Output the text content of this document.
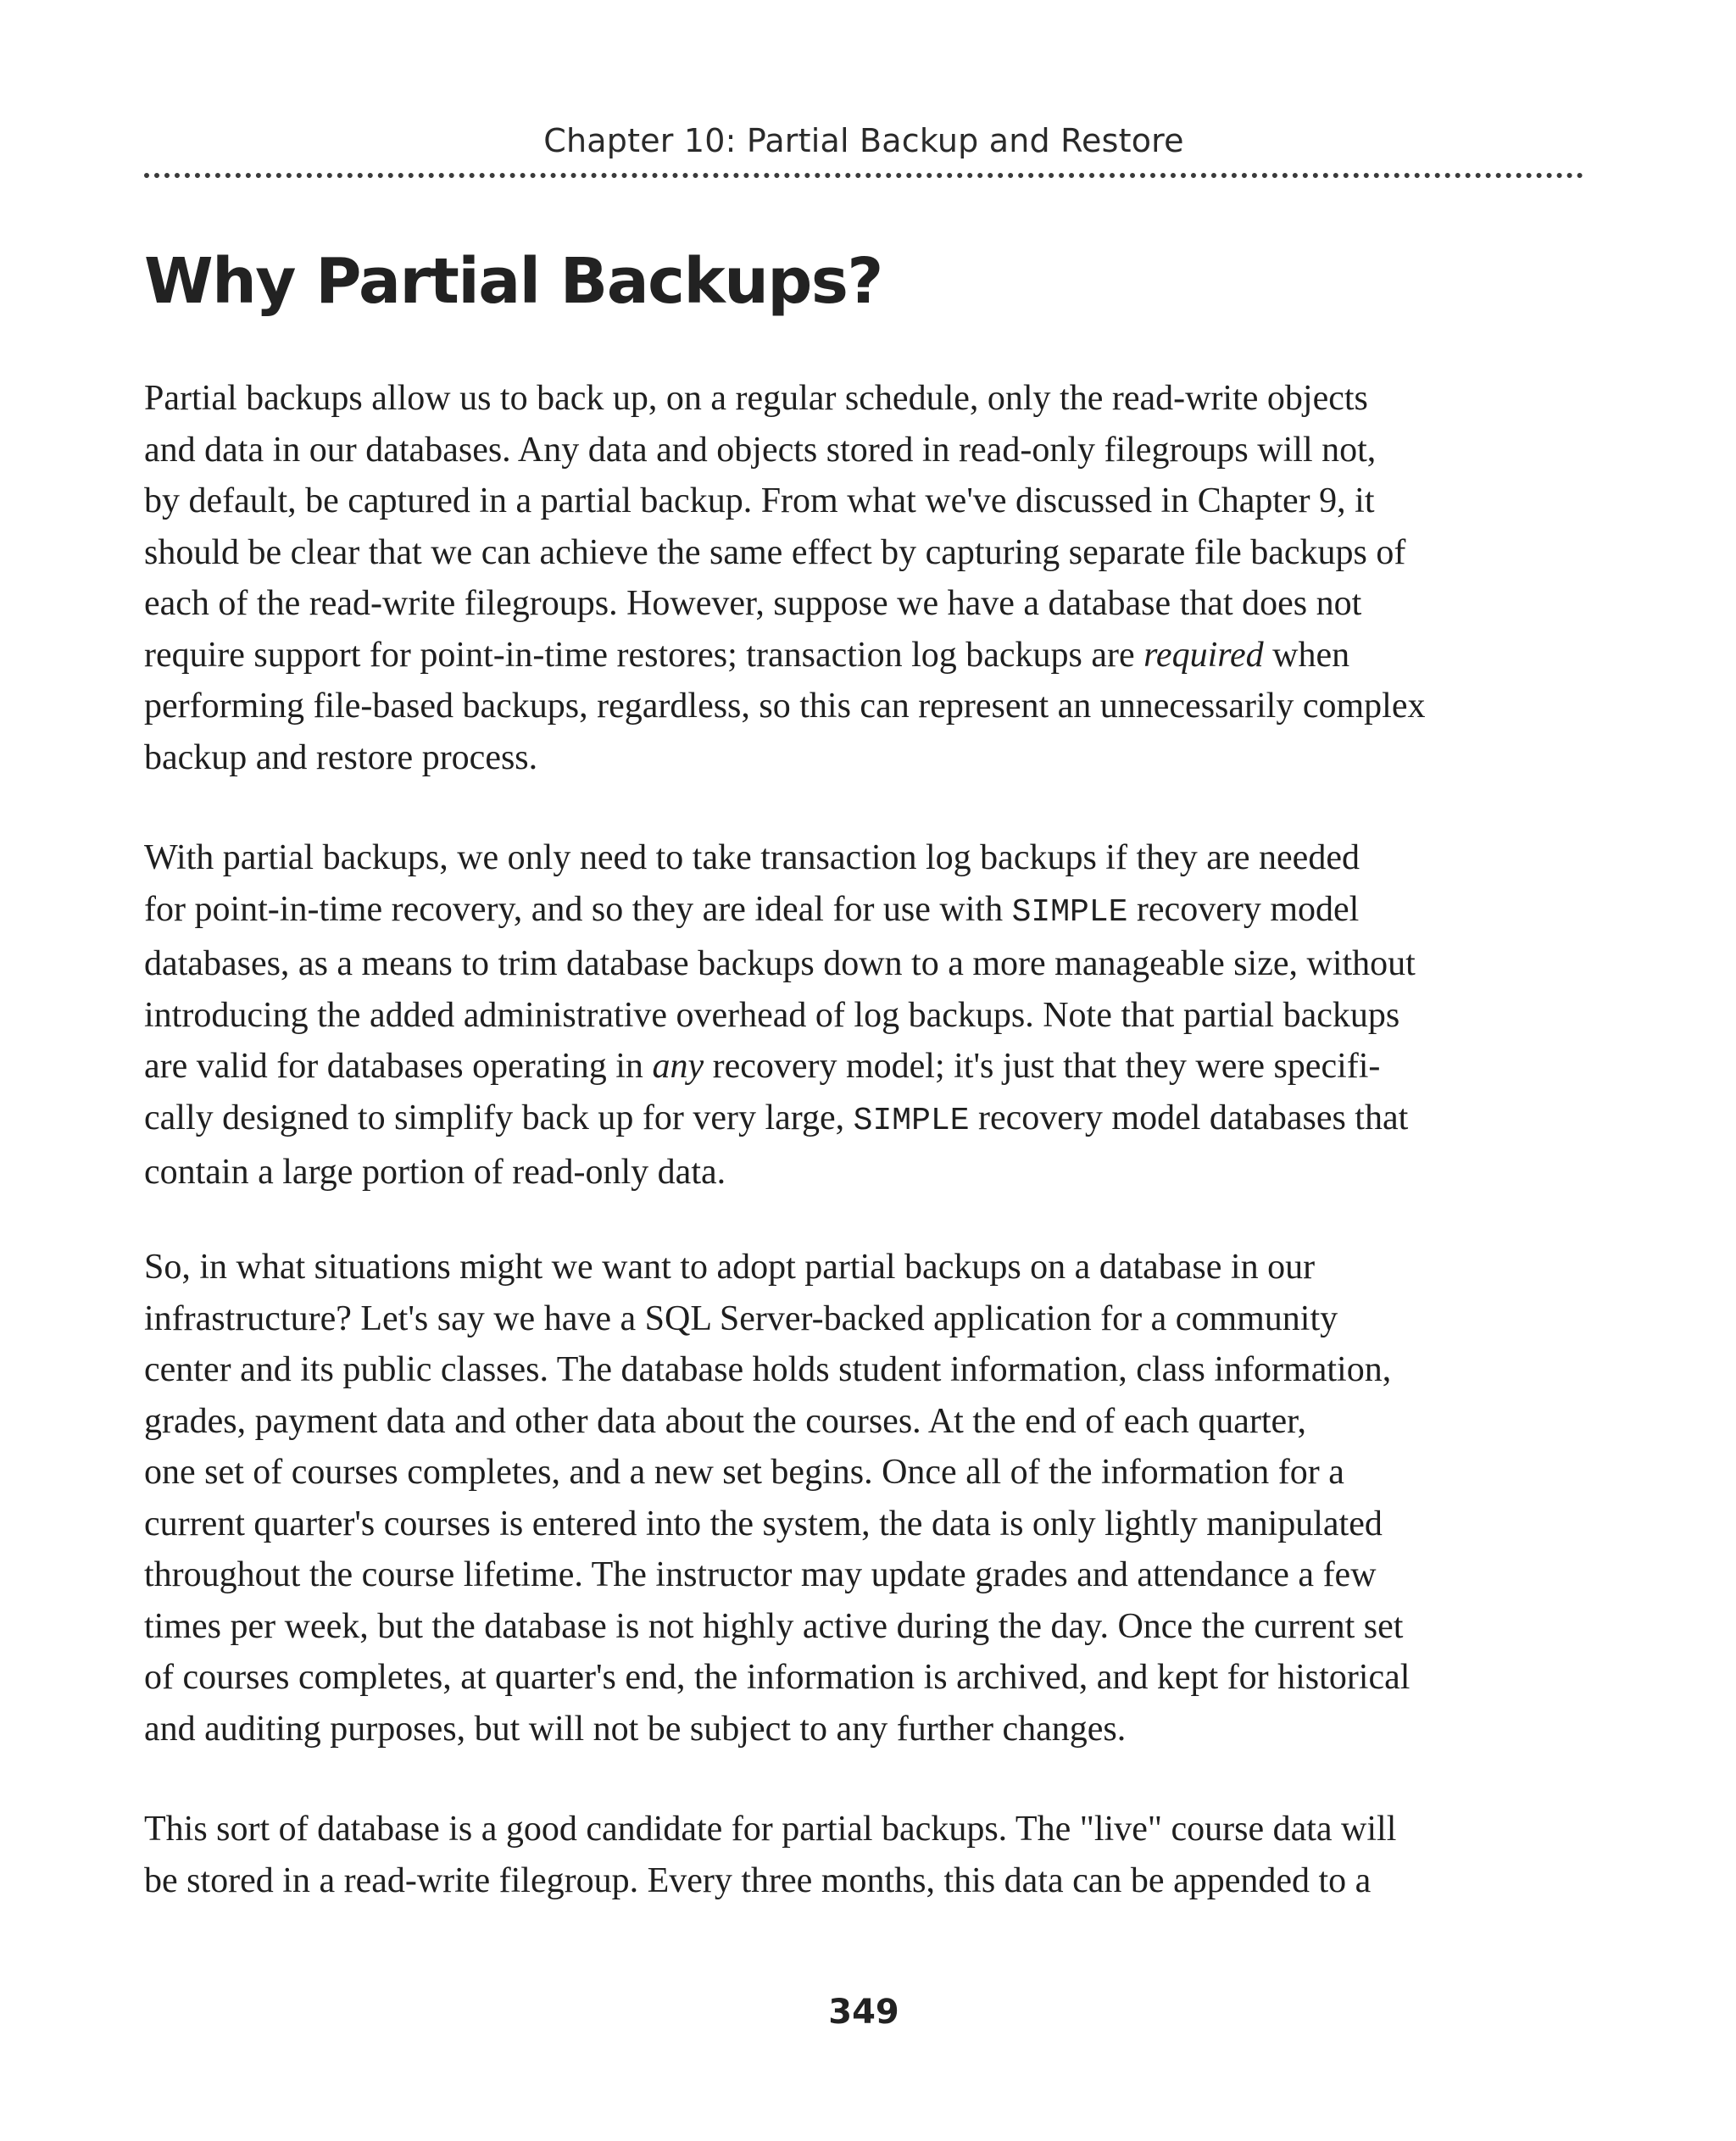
Chapter 10: Partial Backup and Restore
Why Partial Backups?

Partial backups allow us to back up, on a regular schedule, only the read-write objects
and data in our databases. Any data and objects stored in read-only filegroups will not,
by default, be captured in a partial backup. From what we've discussed in Chapter 9, it
should be clear that we can achieve the same effect by capturing separate file backups of
each of the read-write filegroups. However, suppose we have a database that does not
require support for point-in-time restores; transaction log backups are required when
performing file-based backups, regardless, so this can represent an unnecessarily complex
backup and restore process.

With partial backups, we only need to take transaction log backups if they are needed
for point-in-time recovery, and so they are ideal for use with SIMPLE recovery model
databases, as a means to trim database backups down to a more manageable size, without
introducing the added administrative overhead of log backups. Note that partial backups
are valid for databases operating in any recovery model; it's just that they were specifi-
cally designed to simplify back up for very large, SIMPLE recovery model databases that
contain a large portion of read-only data.

So, in what situations might we want to adopt partial backups on a database in our
infrastructure? Let's say we have a SQL Server-backed application for a community
center and its public classes. The database holds student information, class information,
grades, payment data and other data about the courses. At the end of each quarter,
one set of courses completes, and a new set begins. Once all of the information for a
current quarter's courses is entered into the system, the data is only lightly manipulated
throughout the course lifetime. The instructor may update grades and attendance a few
times per week, but the database is not highly active during the day. Once the current set
of courses completes, at quarter's end, the information is archived, and kept for historical
and auditing purposes, but will not be subject to any further changes.

This sort of database is a good candidate for partial backups. The "live" course data will
be stored in a read-write filegroup. Every three months, this data can be appended to a

349
